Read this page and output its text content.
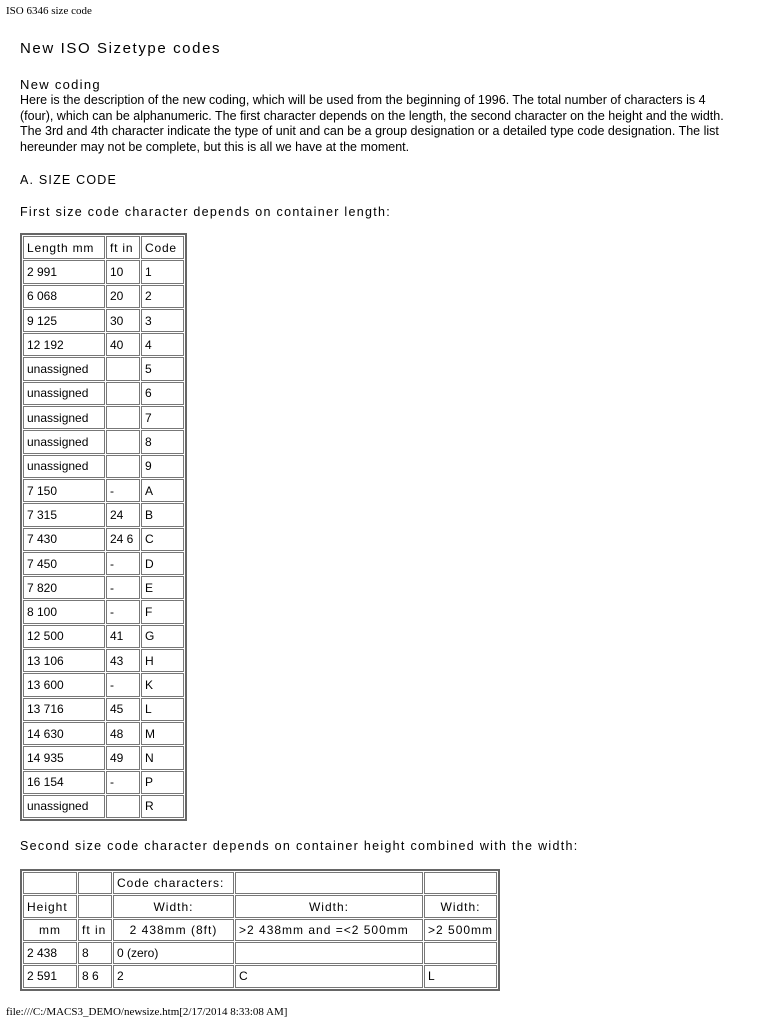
ISO 6346 size code
New ISO Sizetype codes
New coding

Here is the description of the new coding, which will be used from the beginning of 1996. The total number of characters is 4 (four), which can be alphanumeric. The first character depends on the length, the second character on the height and the width. The 3rd and 4th character indicate the type of unit and can be a group designation or a detailed type code designation. The list hereunder may not be complete, but this is all we have at the moment.

A. SIZE CODE
First size code character depends on container length:
Length mm	ft in	Code
2 991	10	1
6 068	20	2
9 125	30	3
12 192	40	4
unassigned		5
unassigned		6
unassigned		7
unassigned		8
unassigned		9
7 150	-	A
7 315	24	B
7 430	24 6	C
7 450	-	D
7 820	-	E
8 100	-	F
12 500	41	G
13 106	43	H
13 600	-	K
13 716	45	L
14 630	48	M
14 935	49	N
16 154	-	P
unassigned		R
Second size code character depends on container height combined with the width:
		Code characters:		
Height		Width:	Width:	Width:
mm	ft in	2 438mm (8ft)	>2 438mm and =<2 500mm	>2 500mm
2 438	8	0 (zero)		
2 591	8 6	2	C	L
file:///C:/MACS3_DEMO/newsize.htm[2/17/2014 8:33:08 AM]
